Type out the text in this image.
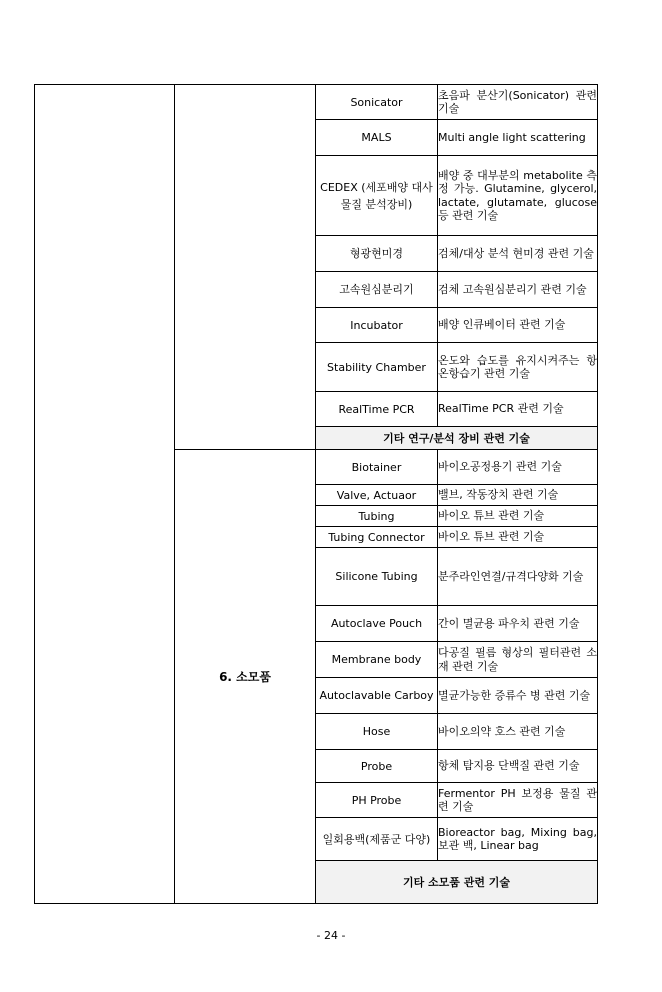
		Sonicator	초음파 분산기(Sonicator) 관련 기술
		MALS	Multi angle light scattering
		CEDEX (세포배양 대사물질 분석장비)	배양 중 대부분의 metabolite 측정 가능. Glutamine, glycerol, lactate, glutamate, glucose 등 관련 기술
		형광현미경	검체/대상 분석 현미경 관련 기술
		고속원심분리기	검체 고속원심분리기 관련 기술
		Incubator	배양 인큐베이터 관련 기술
		Stability Chamber	온도와 습도를 유지시켜주는 항온항습기 관련 기술
		RealTime PCR	RealTime PCR 관련 기술
		기타 연구/분석 장비 관련 기술	
	6. 소모품	Biotainer	바이오공정용기 관련 기술
		Valve, Actuaor	밸브, 작동장치 관련 기술
		Tubing	바이오 튜브 관련 기술
		Tubing Connector	바이오 튜브 관련 기술
		Silicone Tubing	분주라인연결/규격다양화 기술
		Autoclave Pouch	간이 멸균용 파우치 관련 기술
		Membrane body	다공질 필름 형상의 필터관련 소재 관련 기술
		Autoclavable Carboy	멸균가능한 증류수 병 관련 기술
		Hose	바이오의약 호스 관련 기술
		Probe	항체 탐지용 단백질 관련 기술
		PH Probe	Fermentor PH 보정용 물질 관련 기술
		일회용백(제품군 다양)	Bioreactor bag, Mixing bag, 보관 백, Linear bag
		기타 소모품 관련 기술	
- 24 -
